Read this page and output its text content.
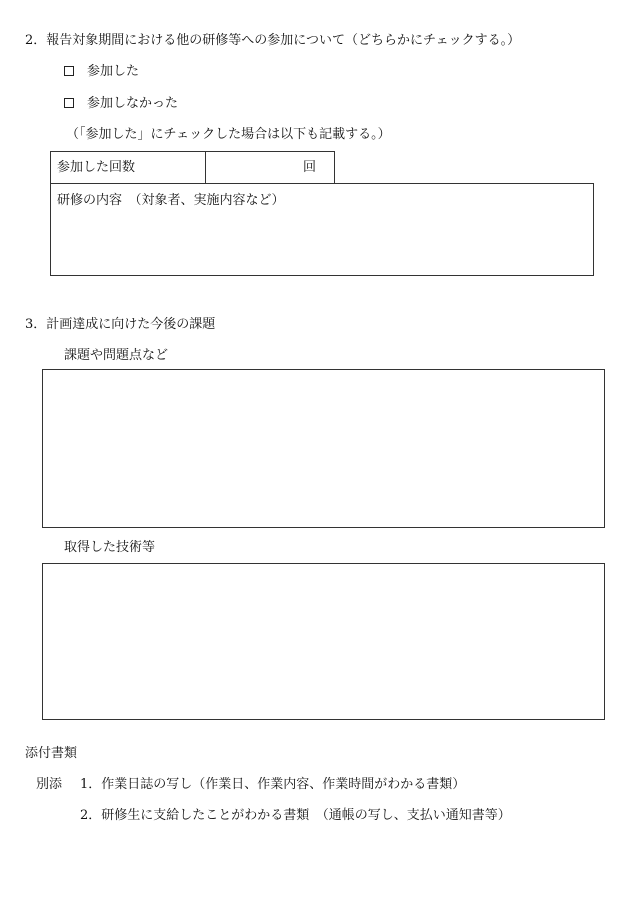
2．報告対象期間における他の研修等への参加について（どちらかにチェックする。）
参加した
参加しなかった
（「参加した」にチェックした場合は以下も記載する。）
参加した回数	回
研修の内容　（対象者、実施内容など）
3．計画達成に向けた今後の課題
課題や問題点など
取得した技術等
添付書類
別添 1．作業日誌の写し（作業日、作業内容、作業時間がわかる書類）
2．研修生に支給したことがわかる書類　（通帳の写し、支払い通知書等）
